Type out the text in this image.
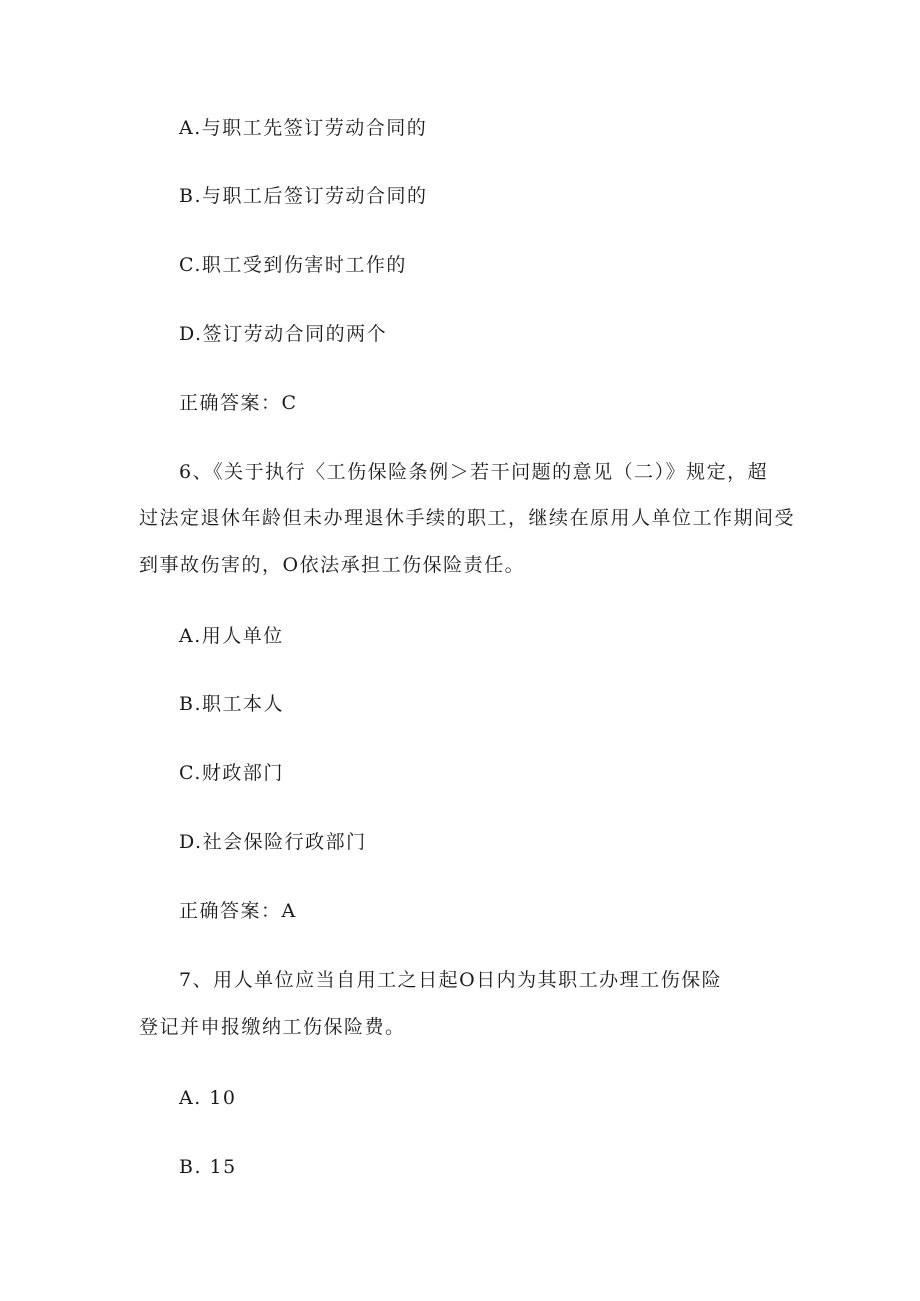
A.与职工先签订劳动合同的
B.与职工后签订劳动合同的
C.职工受到伤害时工作的
D.签订劳动合同的两个
正确答案：C
6、《关于执行〈工伤保险条例＞若干问题的意见（二）》规定，超
过法定退休年龄但未办理退休手续的职工，继续在原用人单位工作期间受
到事故伤害的，O依法承担工伤保险责任。
A.用人单位
B.职工本人
C.财政部门
D.社会保险行政部门
正确答案：A
7、用人单位应当自用工之日起O日内为其职工办理工伤保险
登记并申报缴纳工伤保险费。
A. 10
B. 15
